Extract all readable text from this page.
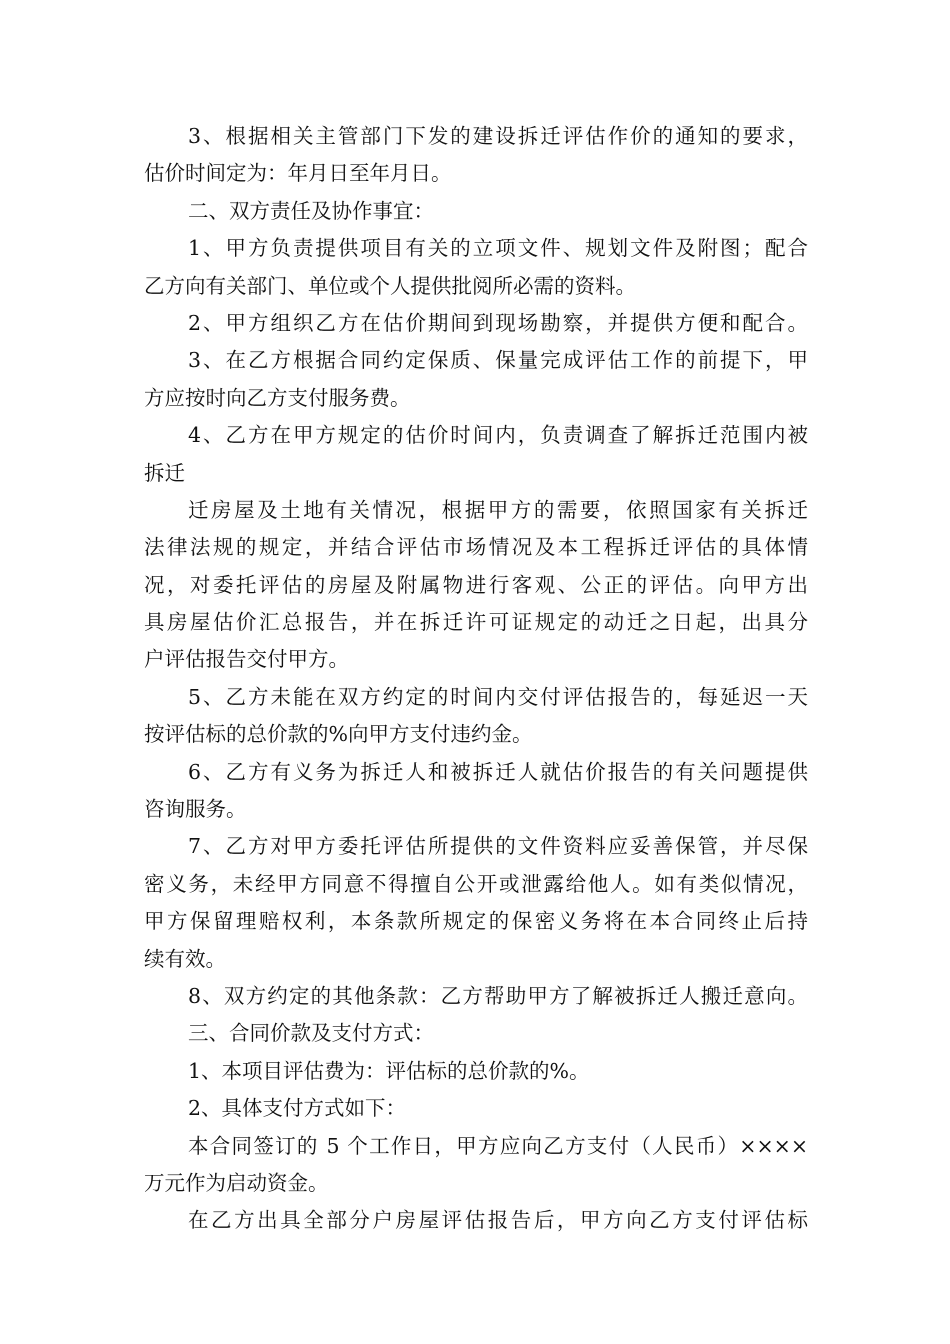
3、根据相关主管部门下发的建设拆迁评估作价的通知的要求，
估价时间定为：年月日至年月日。
二、双方责任及协作事宜：
1、甲方负责提供项目有关的立项文件、规划文件及附图；配合
乙方向有关部门、单位或个人提供批阅所必需的资料。
2、甲方组织乙方在估价期间到现场勘察，并提供方便和配合。
3、在乙方根据合同约定保质、保量完成评估工作的前提下，甲
方应按时向乙方支付服务费。
4、乙方在甲方规定的估价时间内，负责调查了解拆迁范围内被
拆迁
迁房屋及土地有关情况，根据甲方的需要，依照国家有关拆迁
法律法规的规定，并结合评估市场情况及本工程拆迁评估的具体情
况，对委托评估的房屋及附属物进行客观、公正的评估。向甲方出
具房屋估价汇总报告，并在拆迁许可证规定的动迁之日起，出具分
户评估报告交付甲方。
5、乙方未能在双方约定的时间内交付评估报告的，每延迟一天
按评估标的总价款的%向甲方支付违约金。
6、乙方有义务为拆迁人和被拆迁人就估价报告的有关问题提供
咨询服务。
7、乙方对甲方委托评估所提供的文件资料应妥善保管，并尽保
密义务，未经甲方同意不得擅自公开或泄露给他人。如有类似情况，
甲方保留理赔权利，本条款所规定的保密义务将在本合同终止后持
续有效。
8、双方约定的其他条款：乙方帮助甲方了解被拆迁人搬迁意向。
三、合同价款及支付方式：
1、本项目评估费为：评估标的总价款的%。
2、具体支付方式如下：
本合同签订的 5 个工作日，甲方应向乙方支付（人民币）××××
万元作为启动资金。
在乙方出具全部分户房屋评估报告后，甲方向乙方支付评估标
